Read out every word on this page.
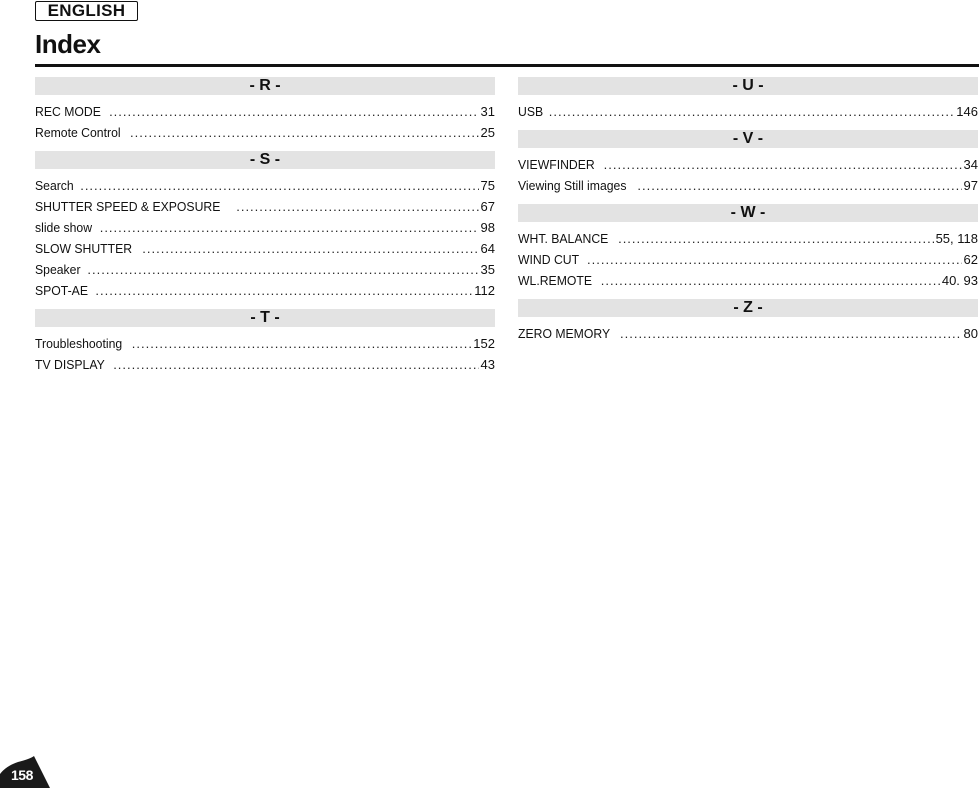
ENGLISH
Index
- R -
REC MODE .....	31
Remote Control .....	25
- S -
Search .....	75
SHUTTER SPEED & EXPOSURE .....	67
slide show .....	98
SLOW SHUTTER .....	64
Speaker .....	35
SPOT-AE .....	112
- T -
Troubleshooting .....	152
TV DISPLAY .....	43
- U -
USB .....	146
- V -
VIEWFINDER .....	34
Viewing Still images .....	97
- W -
WHT. BALANCE .....	55, 118
WIND CUT .....	62
WL.REMOTE .....	40. 93
- Z -
ZERO MEMORY .....	80
158
